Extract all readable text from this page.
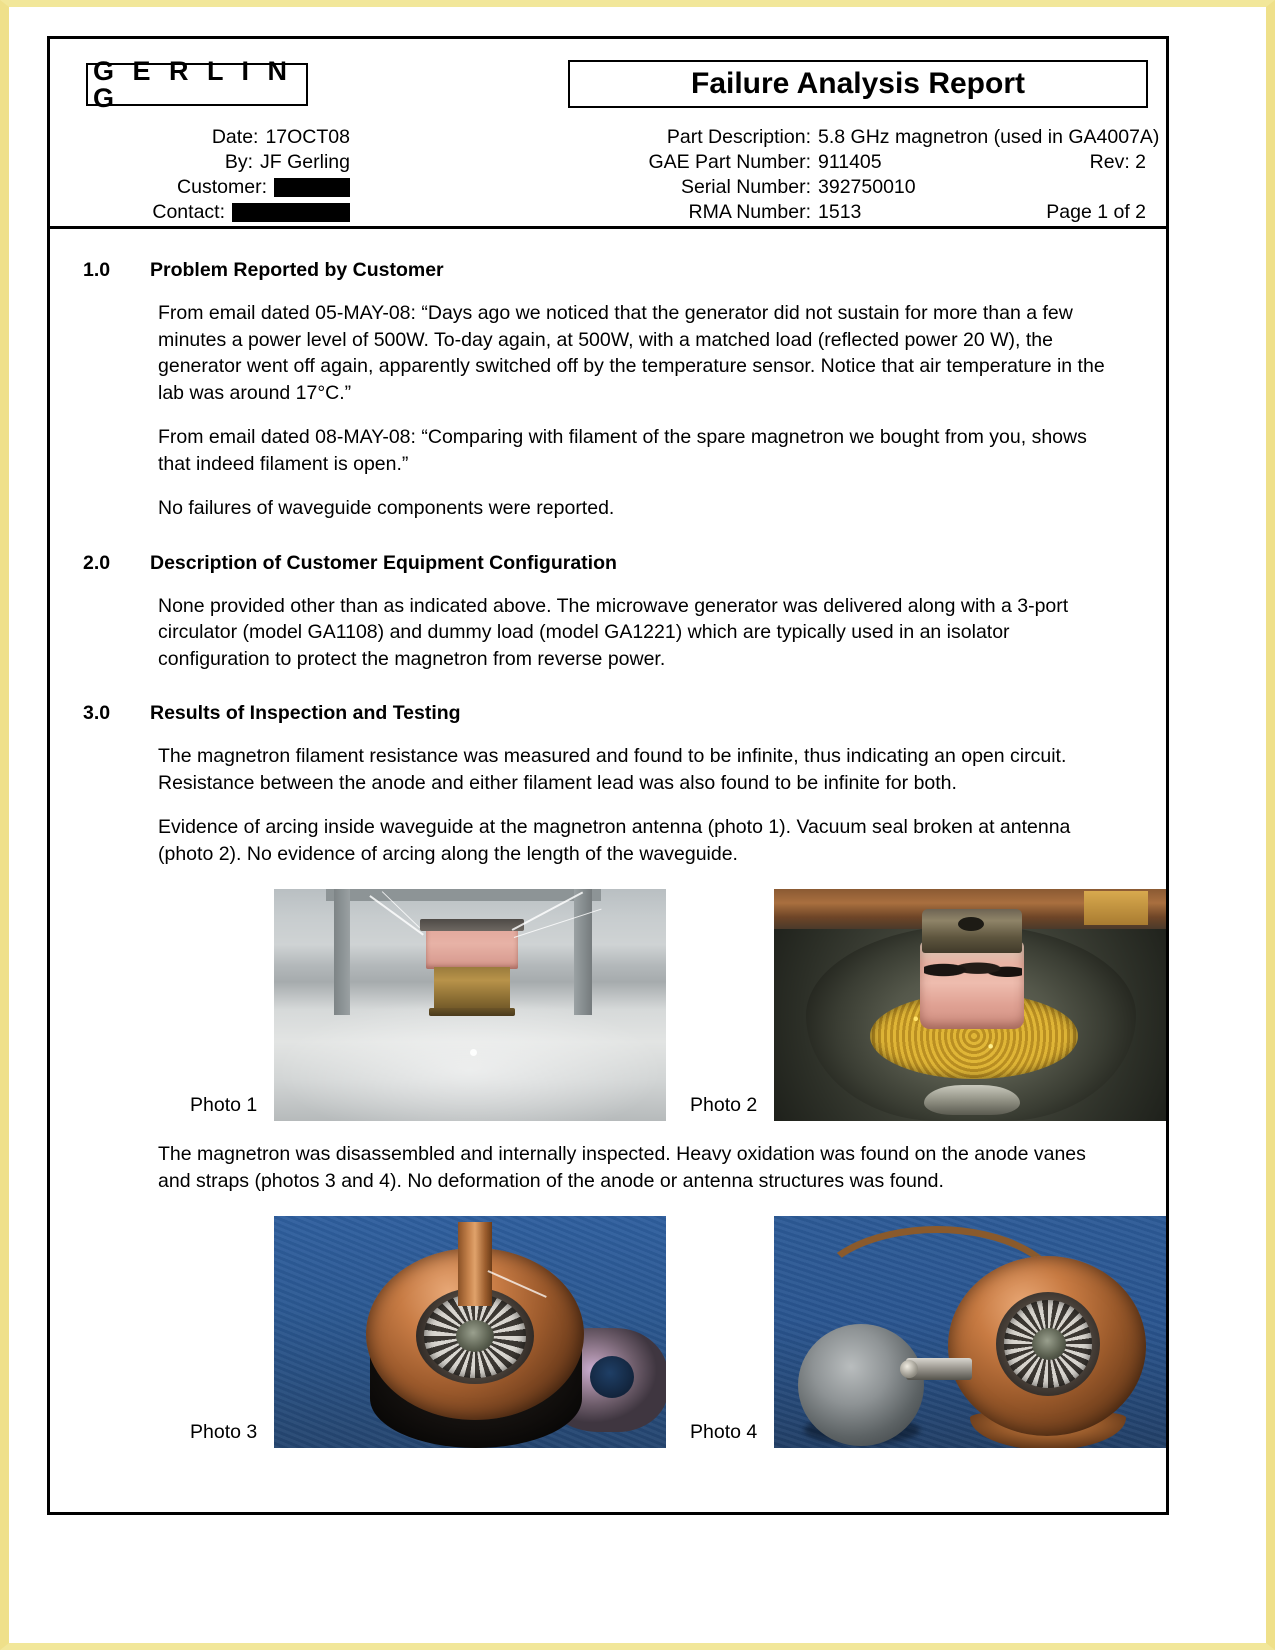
G E R L I N G	Failure Analysis Report
Date: 17OCT08
By: JF Gerling
Customer:
Contact:
Part Description: 5.8 GHz magnetron (used in GA4007A)
GAE Part Number: 911405	Rev: 2
Serial Number: 392750010
RMA Number: 1513	Page 1 of 2
1.0	Problem Reported by Customer

From email dated 05-MAY-08: “Days ago we noticed that the generator did not sustain for more than a few minutes a power level of 500W. To-day again, at 500W, with a matched load (reflected power 20 W), the generator went off again, apparently switched off by the temperature sensor. Notice that air temperature in the lab was around 17°C.”

From email dated 08-MAY-08: “Comparing with filament of the spare magnetron we bought from you, shows that indeed filament is open.”

No failures of waveguide components were reported.

2.0	Description of Customer Equipment Configuration

None provided other than as indicated above. The microwave generator was delivered along with a 3-port circulator (model GA1108) and dummy load (model GA1221) which are typically used in an isolator configuration to protect the magnetron from reverse power.

3.0	Results of Inspection and Testing

The magnetron filament resistance was measured and found to be infinite, thus indicating an open circuit. Resistance between the anode and either filament lead was also found to be infinite for both.

Evidence of arcing inside waveguide at the magnetron antenna (photo 1). Vacuum seal broken at antenna (photo 2). No evidence of arcing along the length of the waveguide.

Photo 1	Photo 2

The magnetron was disassembled and internally inspected. Heavy oxidation was found on the anode vanes and straps (photos 3 and 4). No deformation of the anode or antenna structures was found.

Photo 3	Photo 4
